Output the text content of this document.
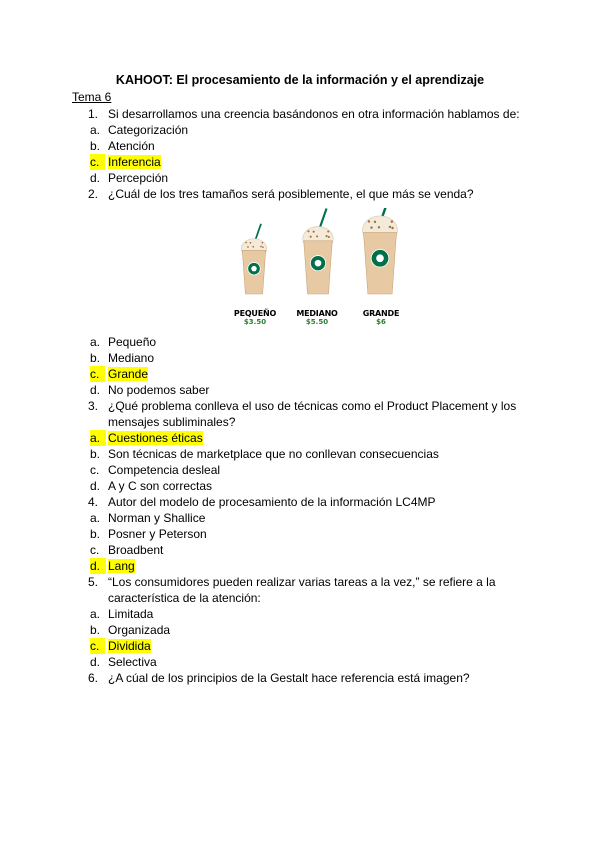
KAHOOT: El procesamiento de la información y el aprendizaje
Tema 6
1. Si desarrollamos una creencia basándonos en otra información hablamos de:
a. Categorización
b. Atención
c. Inferencia
d. Percepción
2. ¿Cuál de los tres tamaños será posiblemente, el que más se venda?
PEQUEÑO
$3.50
MEDIANO
$5.50
GRANDE
$6
a. Pequeño
b. Mediano
c. Grande
d. No podemos saber
3. ¿Qué problema conlleva el uso de técnicas como el Product Placement y los mensajes subliminales?
a. Cuestiones éticas
b. Son técnicas de marketplace que no conllevan consecuencias
c. Competencia desleal
d. A y C son correctas
4. Autor del modelo de procesamiento de la información LC4MP
a. Norman y Shallice
b. Posner y Peterson
c. Broadbent
d. Lang
5. “Los consumidores pueden realizar varias tareas a la vez,” se refiere a la característica de la atención:
a. Limitada
b. Organizada
c. Dividida
d. Selectiva
6. ¿A cúal de los principios de la Gestalt hace referencia está imagen?
